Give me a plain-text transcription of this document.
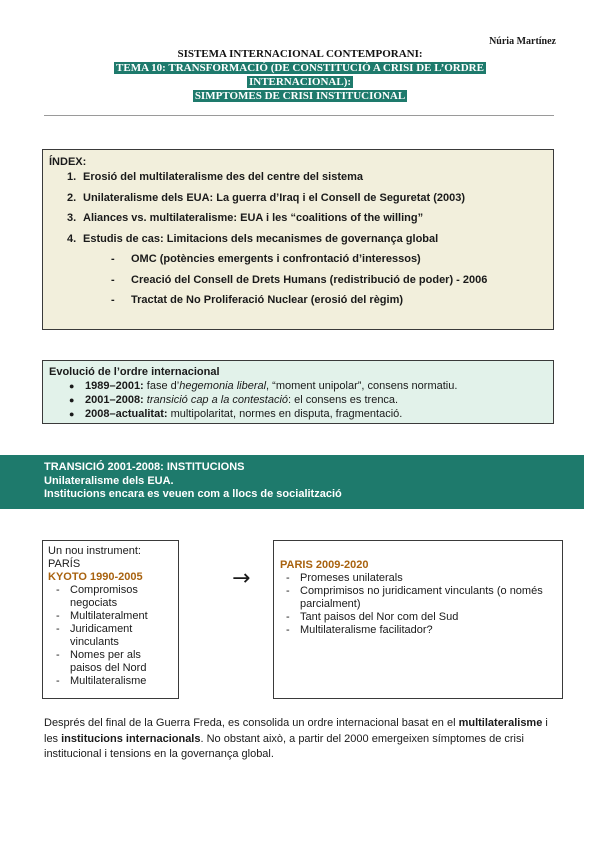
Núria Martínez
SISTEMA INTERNACIONAL CONTEMPORANI:
TEMA 10: TRANSFORMACIÓ (DE CONSTITUCIÓ A CRISI DE L’ORDRE
INTERNACIONAL):
SIMPTOMES DE CRISI INSTITUCIONAL
ÍNDEX:
1. Erosió del multilateralisme des del centre del sistema
2. Unilateralisme dels EUA: La guerra d’Iraq i el Consell de Seguretat (2003)
3. Aliances vs. multilateralisme: EUA i les “coalitions of the willing”
4. Estudis de cas: Limitacions dels mecanismes de governança global
-	OMC (potències emergents i confrontació d’interessos)
-	Creació del Consell de Drets Humans (redistribució de poder) - 2006
-	Tractat de No Proliferació Nuclear (erosió del règim)
Evolució de l’ordre internacional
● 1989–2001: fase d’hegemonia liberal, “moment unipolar”, consens normatiu.
● 2001–2008: transició cap a la contestació: el consens es trenca.
● 2008–actualitat: multipolaritat, normes en disputa, fragmentació.
TRANSICIÓ 2001-2008: INSTITUCIONS
Unilateralisme dels EUA.
Institucions encara es veuen com a llocs de socialització
Un nou instrument:
PARÍS
KYOTO 1990-2005
- Compromisos negociats
- Multilateralment
- Juridicament vinculants
- Nomes per als paisos del Nord
- Multilateralisme
→
PARIS 2009-2020
- Promeses unilaterals
- Comprimisos no juridicament vinculants (o només parcialment)
- Tant paisos del Nor com del Sud
- Multilateralisme facilitador?

Després del final de la Guerra Freda, es consolida un ordre internacional basat en el multilateralisme i les institucions internacionals. No obstant això, a partir del 2000 emergeixen símptomes de crisi institucional i tensions en la governança global.
